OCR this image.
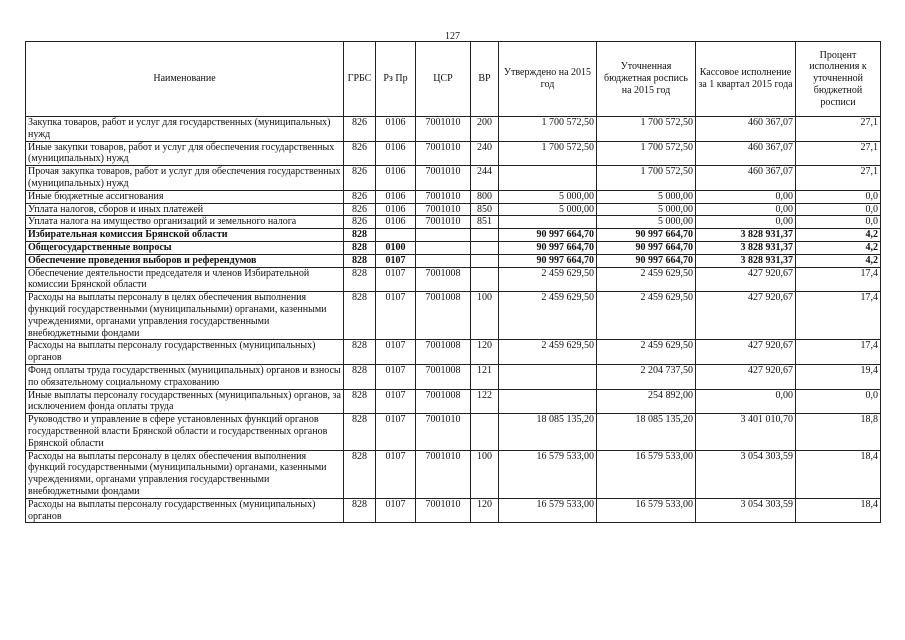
127
Наименование	ГРБС	Рз Пр	ЦСР	ВР	Утверждено на 2015 год	Уточненная бюджетная роспись на 2015 год	Кассовое исполнение за 1 квартал 2015 года	Процент исполнения к уточненной бюджетной росписи
Закупка товаров, работ и услуг для государственных (муниципальных) нужд	826	0106	7001010	200	1 700 572,50	1 700 572,50	460 367,07	27,1
Иные закупки товаров, работ и услуг для обеспечения государственных (муниципальных) нужд	826	0106	7001010	240	1 700 572,50	1 700 572,50	460 367,07	27,1
Прочая закупка товаров, работ и услуг для обеспечения государственных (муниципальных) нужд	826	0106	7001010	244		1 700 572,50	460 367,07	27,1
Иные бюджетные ассигнования	826	0106	7001010	800	5 000,00	5 000,00	0,00	0,0
Уплата налогов, сборов и иных платежей	826	0106	7001010	850	5 000,00	5 000,00	0,00	0,0
Уплата налога на имущество организаций и земельного налога	826	0106	7001010	851		5 000,00	0,00	0,0
Избирательная комиссия Брянской области	828				90 997 664,70	90 997 664,70	3 828 931,37	4,2
Общегосударственные вопросы	828	0100			90 997 664,70	90 997 664,70	3 828 931,37	4,2
Обеспечение проведения выборов и референдумов	828	0107			90 997 664,70	90 997 664,70	3 828 931,37	4,2
Обеспечение деятельности председателя и членов Избирательной комиссии Брянской области	828	0107	7001008		2 459 629,50	2 459 629,50	427 920,67	17,4
Расходы на выплаты персоналу в целях обеспечения выполнения функций государственными (муниципальными) органами, казенными учреждениями, органами управления государственными внебюджетными фондами	828	0107	7001008	100	2 459 629,50	2 459 629,50	427 920,67	17,4
Расходы на выплаты персоналу государственных (муниципальных) органов	828	0107	7001008	120	2 459 629,50	2 459 629,50	427 920,67	17,4
Фонд оплаты труда государственных (муниципальных) органов и взносы по обязательному социальному страхованию	828	0107	7001008	121		2 204 737,50	427 920,67	19,4
Иные выплаты персоналу государственных (муниципальных) органов, за исключением фонда оплаты труда	828	0107	7001008	122		254 892,00	0,00	0,0
Руководство и управление в сфере установленных функций органов государственной власти Брянской области и государственных органов Брянской области	828	0107	7001010		18 085 135,20	18 085 135,20	3 401 010,70	18,8
Расходы на выплаты персоналу в целях обеспечения выполнения функций государственными (муниципальными) органами, казенными учреждениями, органами управления государственными внебюджетными фондами	828	0107	7001010	100	16 579 533,00	16 579 533,00	3 054 303,59	18,4
Расходы на выплаты персоналу государственных (муниципальных) органов	828	0107	7001010	120	16 579 533,00	16 579 533,00	3 054 303,59	18,4
